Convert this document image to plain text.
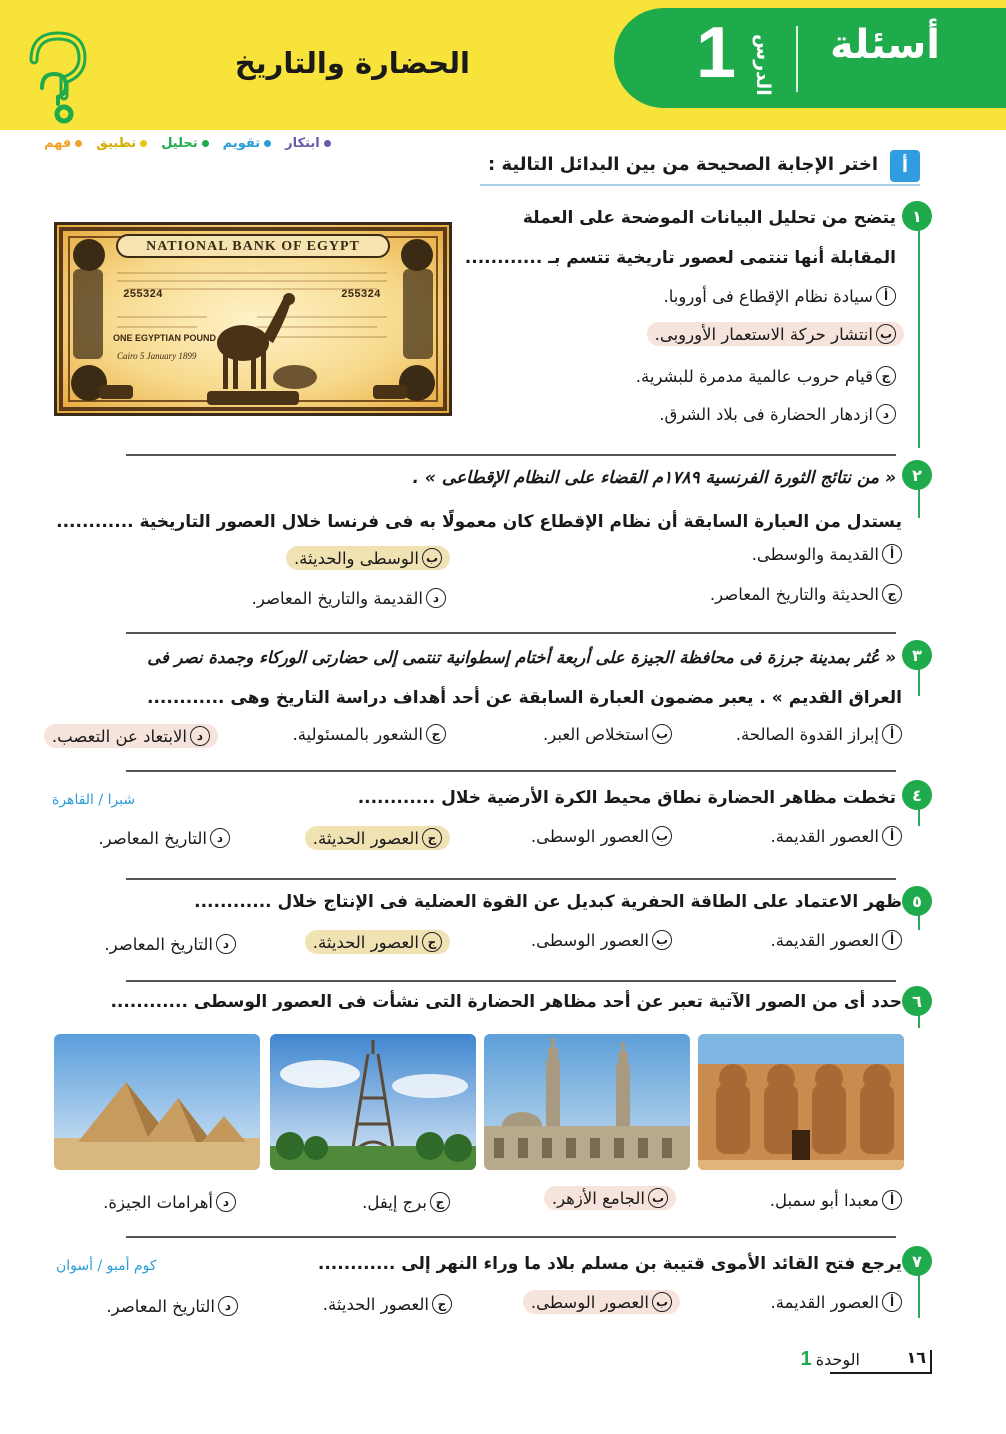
الحضارة والتاريخ	أسئلة
الدرس
1
فهم تطبيق تحليل تقويم ابتكار
أ
اختر الإجابة الصحيحة من بين البدائل التالية :
١
يتضح من تحليل البيانات الموضحة على العملة
المقابلة أنها تنتمى لعصور تاريخية تتسم بـ ............
أ
سيادة نظام الإقطاع فى أوروبا.
ب
انتشار حركة الاستعمار الأوروبى.
ج
قيام حروب عالمية مدمرة للبشرية.
د
ازدهار الحضارة فى بلاد الشرق.
NATIONAL BANK OF EGYPT
255324	255324
ONE EGYPTIAN POUND
Cairo 5 January 1899
٢
« من نتائج الثورة الفرنسية ١٧٨٩م القضاء على النظام الإقطاعى » .
يستدل من العبارة السابقة أن نظام الإقطاع كان معمولًا به فى فرنسا خلال العصور التاريخية ............
أ
القديمة والوسطى.
ب
الوسطى والحديثة.
ج
الحديثة والتاريخ المعاصر.
د
القديمة والتاريخ المعاصر.
٣
« عُثر بمدينة جرزة فى محافظة الجيزة على أربعة أختام إسطوانية تنتمى إلى حضارتى الوركاء وجمدة نصر فى
العراق القديم » . يعبر مضمون العبارة السابقة عن أحد أهداف دراسة التاريخ وهى ............
أ
إبراز القدوة الصالحة.
ب
استخلاص العبر.
ج
الشعور بالمسئولية.
د
الابتعاد عن التعصب.
٤
تخطت مظاهر الحضارة نطاق محيط الكرة الأرضية خلال ............
شبرا / القاهرة
أ
العصور القديمة.
ب
العصور الوسطى.
ج
العصور الحديثة.
د
التاريخ المعاصر.
٥
ظهر الاعتماد على الطاقة الحفرية كبديل عن القوة العضلية فى الإنتاج خلال ............
أ
العصور القديمة.
ب
العصور الوسطى.
ج
العصور الحديثة.
د
التاريخ المعاصر.
٦
حدد أى من الصور الآتية تعبر عن أحد مظاهر الحضارة التى نشأت فى العصور الوسطى ............
أ
معبدا أبو سمبل.
ب
الجامع الأزهر.
ج
برج إيفل.
د
أهرامات الجيزة.
٧
يرجع فتح القائد الأموى قتيبة بن مسلم بلاد ما وراء النهر إلى ............
كوم أمبو / أسوان
أ
العصور القديمة.
ب
العصور الوسطى.
ج
العصور الحديثة.
د
التاريخ المعاصر.
١٦
الوحدة1
